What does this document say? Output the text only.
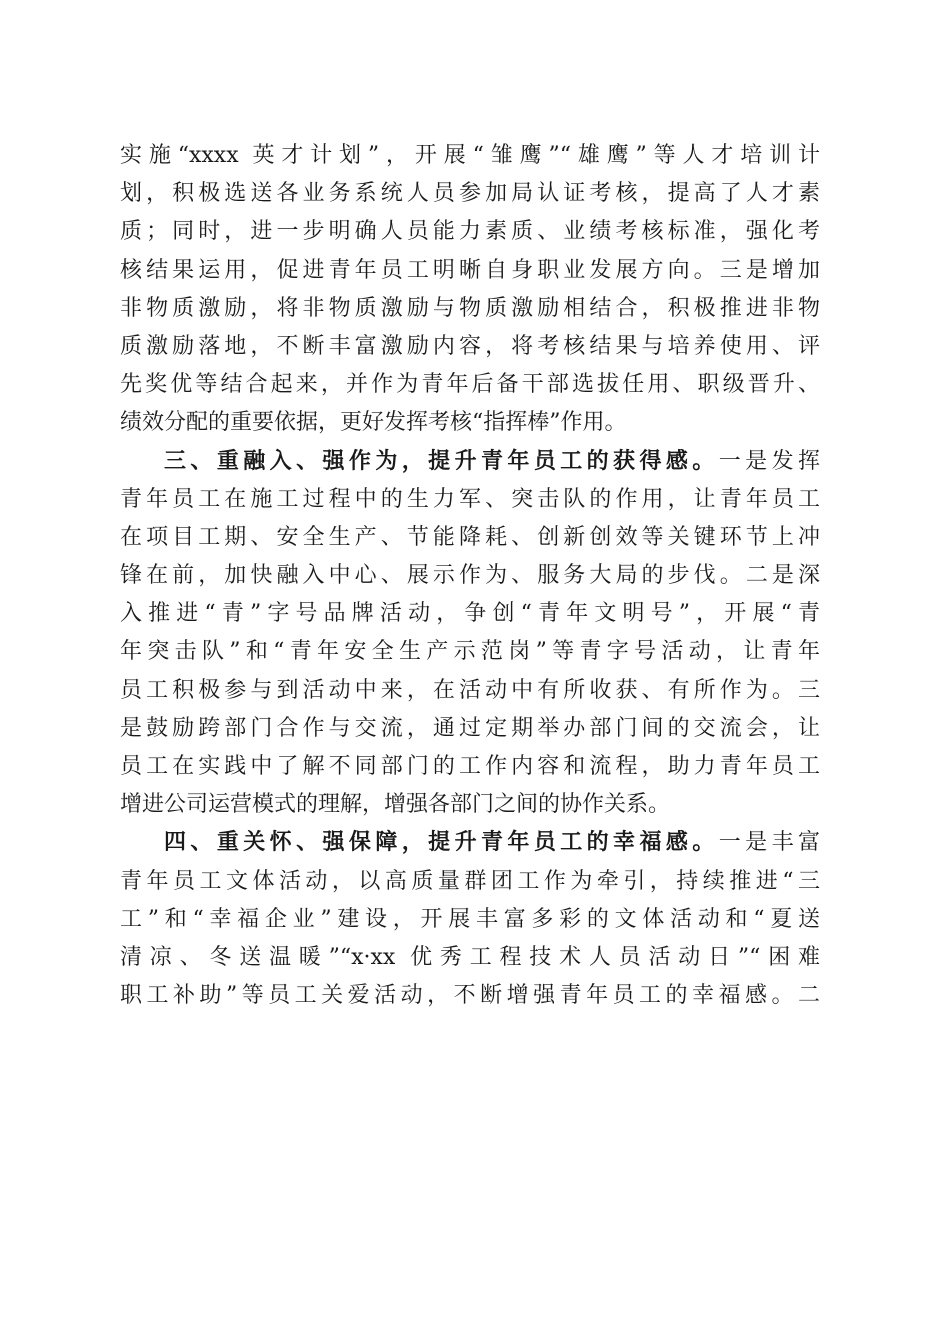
实施“xxxx 英才计划”，开展“雏鹰”“雄鹰”等人才培训计
划，积极选送各业务系统人员参加局认证考核，提高了人才素
质；同时，进一步明确人员能力素质、业绩考核标准，强化考
核结果运用，促进青年员工明晰自身职业发展方向。三是增加
非物质激励，将非物质激励与物质激励相结合，积极推进非物
质激励落地，不断丰富激励内容，将考核结果与培养使用、评
先奖优等结合起来，并作为青年后备干部选拔任用、职级晋升、
绩效分配的重要依据，更好发挥考核“指挥棒”作用。
三、重融入、强作为，提升青年员工的获得感。一是发挥
青年员工在施工过程中的生力军、突击队的作用，让青年员工
在项目工期、安全生产、节能降耗、创新创效等关键环节上冲
锋在前，加快融入中心、展示作为、服务大局的步伐。二是深
入推进“青”字号品牌活动，争创“青年文明号”，开展“青
年突击队”和“青年安全生产示范岗”等青字号活动，让青年
员工积极参与到活动中来，在活动中有所收获、有所作为。三
是鼓励跨部门合作与交流，通过定期举办部门间的交流会，让
员工在实践中了解不同部门的工作内容和流程，助力青年员工
增进公司运营模式的理解，增强各部门之间的协作关系。
四、重关怀、强保障，提升青年员工的幸福感。一是丰富
青年员工文体活动，以高质量群团工作为牵引，持续推进“三
工”和“幸福企业”建设，开展丰富多彩的文体活动和“夏送
清凉、冬送温暖”“x·xx 优秀工程技术人员活动日”“困难
职工补助”等员工关爱活动，不断增强青年员工的幸福感。二
